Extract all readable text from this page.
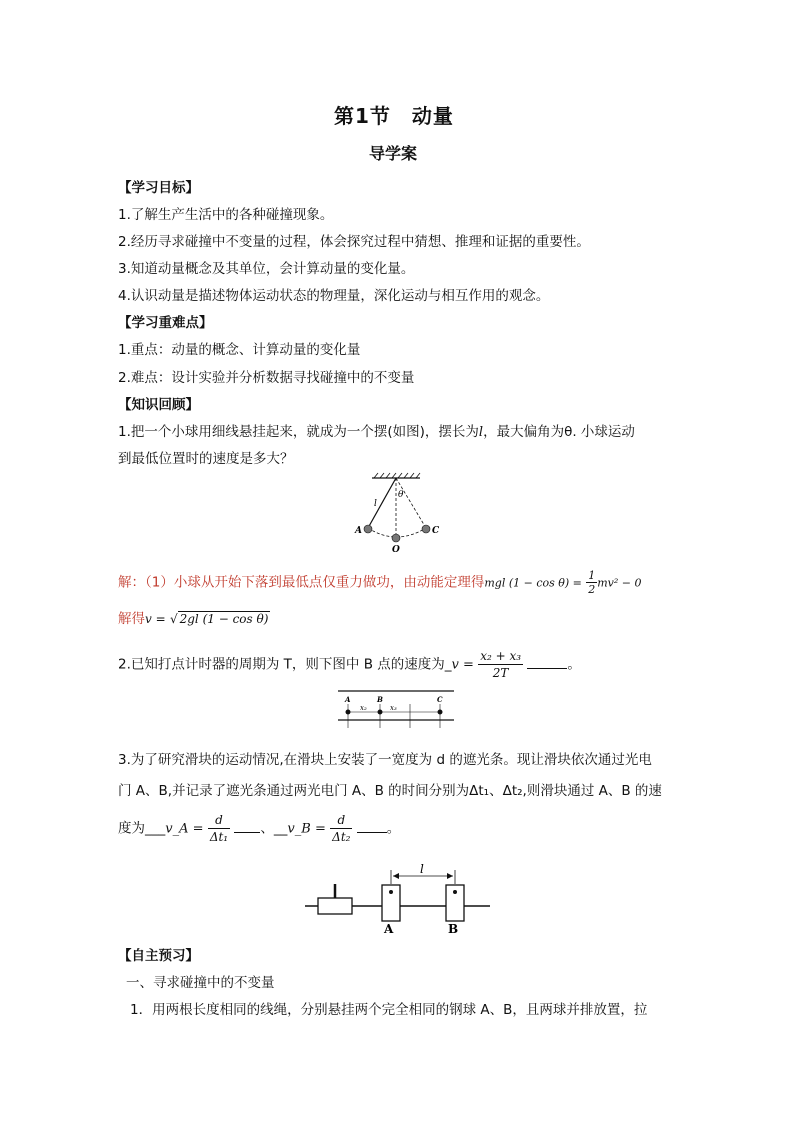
第1节　动量
导学案
【学习目标】
1.了解生产生活中的各种碰撞现象。
2.经历寻求碰撞中不变量的过程，体会探究过程中猜想、推理和证据的重要性。
3.知道动量概念及其单位，会计算动量的变化量。
4.认识动量是描述物体运动状态的物理量，深化运动与相互作用的观念。
【学习重难点】
1.重点：动量的概念、计算动量的变化量
2.难点：设计实验并分析数据寻找碰撞中的不变量
【知识回顾】
1.把一个小球用细线悬挂起来，就成为一个摆(如图)，摆长为l，最大偏角为θ. 小球运动
到最低位置时的速度是多大？
θ
l
A
O
C
解：（1）小球从开始下落到最低点仅重力做功，由动能定理得mgl $(1 - \cos \theta) = \frac{1}{2} mv^2 - 0$
解得v = √ 2gl (1 − cos θ)
2.已知打点计时器的周期为 T，则下图中 B 点的速度为_v = $\frac{\text{x₂ + x₃}}{2T}$	。
A	B	C
x₂	x₃
3.为了研究滑块的运动情况,在滑块上安装了一宽度为 d 的遮光条。现让滑块依次通过光电
门 A、B,并记录了遮光条通过两光电门 A、B 的时间分别为Δt₁、Δt₂,则滑块通过 A、B 的速
度为___v_A = $\frac{d}{\text{Δt₁}}$ 、__v_B = $\frac{d}{\text{Δt₂}}$	。
l
A	B
【自主预习】
一、寻求碰撞中的不变量
1．用两根长度相同的线绳，分别悬挂两个完全相同的钢球 A、B，且两球并排放置，拉
